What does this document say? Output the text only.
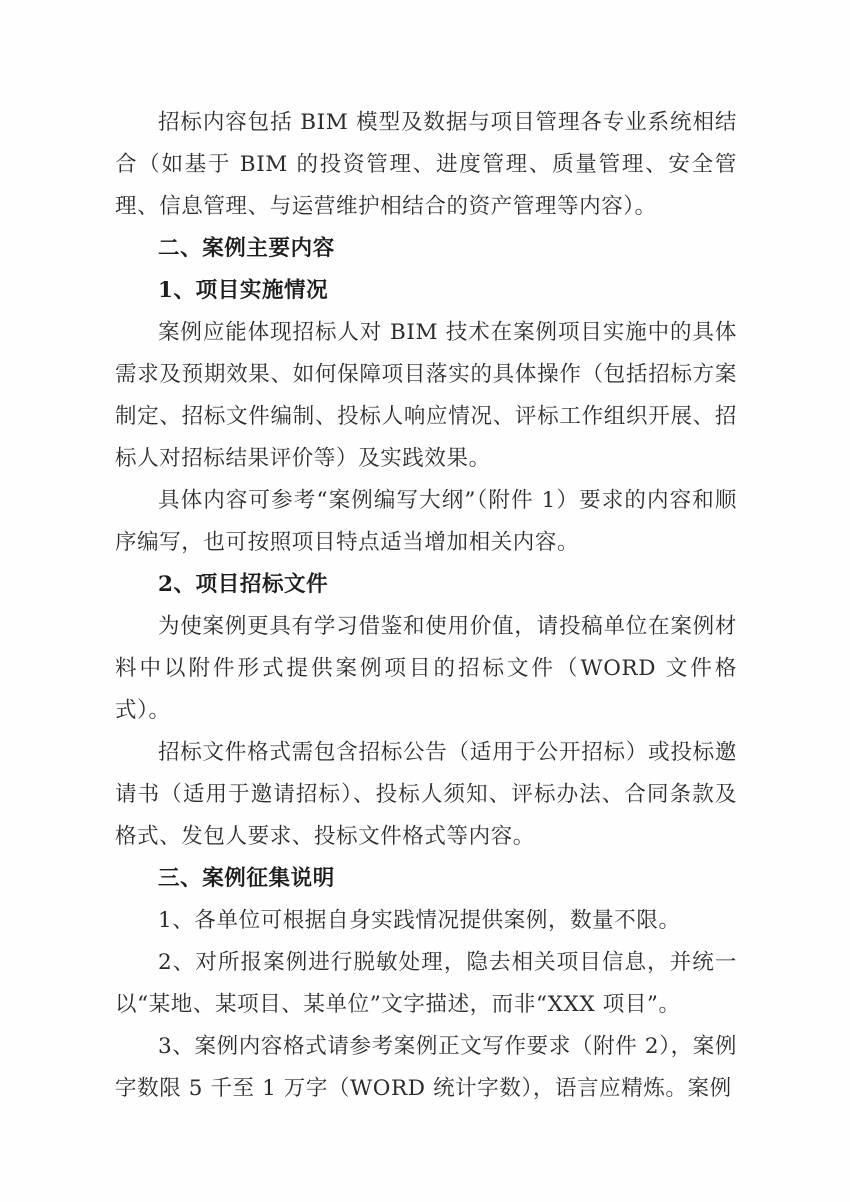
招标内容包括 BIM 模型及数据与项目管理各专业系统相结合（如基于 BIM 的投资管理、进度管理、质量管理、安全管理、信息管理、与运营维护相结合的资产管理等内容）。

二、案例主要内容
1、项目实施情况

案例应能体现招标人对 BIM 技术在案例项目实施中的具体需求及预期效果、如何保障项目落实的具体操作（包括招标方案制定、招标文件编制、投标人响应情况、评标工作组织开展、招标人对招标结果评价等）及实践效果。

具体内容可参考“案例编写大纲”（附件 1）要求的内容和顺序编写，也可按照项目特点适当增加相关内容。

2、项目招标文件

为使案例更具有学习借鉴和使用价值，请投稿单位在案例材料中以附件形式提供案例项目的招标文件（WORD 文件格式）。

招标文件格式需包含招标公告（适用于公开招标）或投标邀请书（适用于邀请招标）、投标人须知、评标办法、合同条款及格式、发包人要求、投标文件格式等内容。

三、案例征集说明

1、各单位可根据自身实践情况提供案例，数量不限。

2、对所报案例进行脱敏处理，隐去相关项目信息，并统一以“某地、某项目、某单位”文字描述，而非“XXX 项目”。

3、案例内容格式请参考案例正文写作要求（附件 2），案例字数限 5 千至 1 万字（WORD 统计字数），语言应精炼。案例
